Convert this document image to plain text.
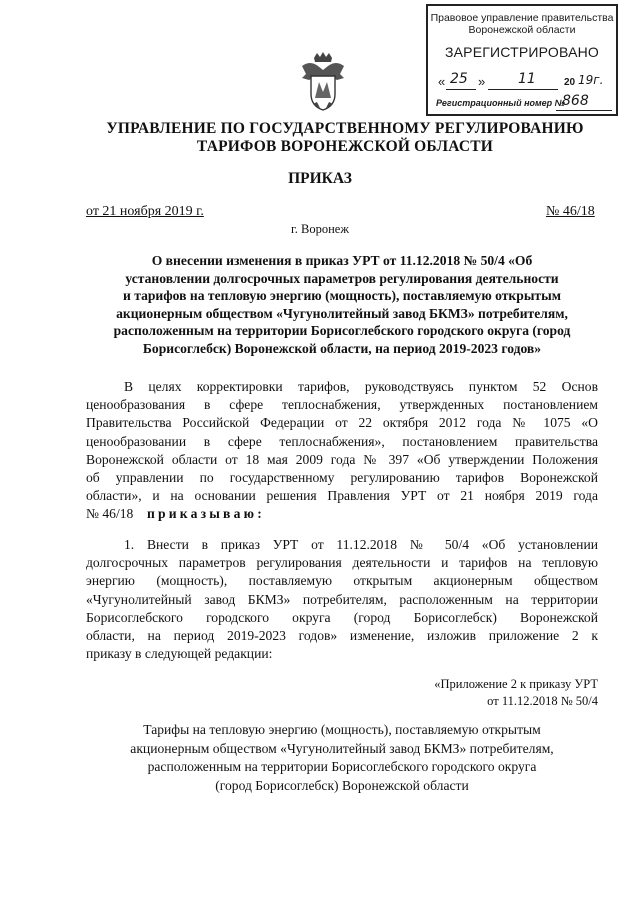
Правовое управление правительства
Воронежской области
ЗАРЕГИСТРИРОВАНО
« 25 » 11	20 19г.
Регистрационный номер №
868
УПРАВЛЕНИЕ ПО ГОСУДАРСТВЕННОМУ РЕГУЛИРОВАНИЮ
ТАРИФОВ ВОРОНЕЖСКОЙ ОБЛАСТИ
ПРИКАЗ
от 21 ноября 2019 г.	№ 46/18
г. Воронеж
О внесении изменения в приказ УРТ от 11.12.2018 № 50/4 «Об
установлении долгосрочных параметров регулирования деятельности
и тарифов на тепловую энергию (мощность), поставляемую открытым
акционерным обществом «Чугунолитейный завод БКМЗ» потребителям,
расположенным на территории Борисоглебского городского округа (город
Борисоглебск) Воронежской области, на период 2019-2023 годов»
В целях корректировки тарифов, руководствуясь пунктом 52 Основ
ценообразования в сфере теплоснабжения, утвержденных постановлением
Правительства Российской Федерации от 22 октября 2012 года № 1075 «О
ценообразовании в сфере теплоснабжения», постановлением правительства
Воронежской области от 18 мая 2009 года № 397 «Об утверждении Положения
об управлении по государственному регулированию тарифов Воронежской
области», и на основании решения Правления УРТ от 21 ноября 2019 года
№ 46/18 приказываю:
1. Внести в приказ УРТ от 11.12.2018 № 50/4 «Об установлении
долгосрочных параметров регулирования деятельности и тарифов на тепловую
энергию (мощность), поставляемую открытым акционерным обществом
«Чугунолитейный завод БКМЗ» потребителям, расположенным на территории
Борисоглебского городского округа (город Борисоглебск) Воронежской
области, на период 2019-2023 годов» изменение, изложив приложение 2 к
приказу в следующей редакции:
«Приложение 2 к приказу УРТ
от 11.12.2018 № 50/4
Тарифы на тепловую энергию (мощность), поставляемую открытым
акционерным обществом «Чугунолитейный завод БКМЗ» потребителям,
расположенным на территории Борисоглебского городского округа
(город Борисоглебск) Воронежской области
